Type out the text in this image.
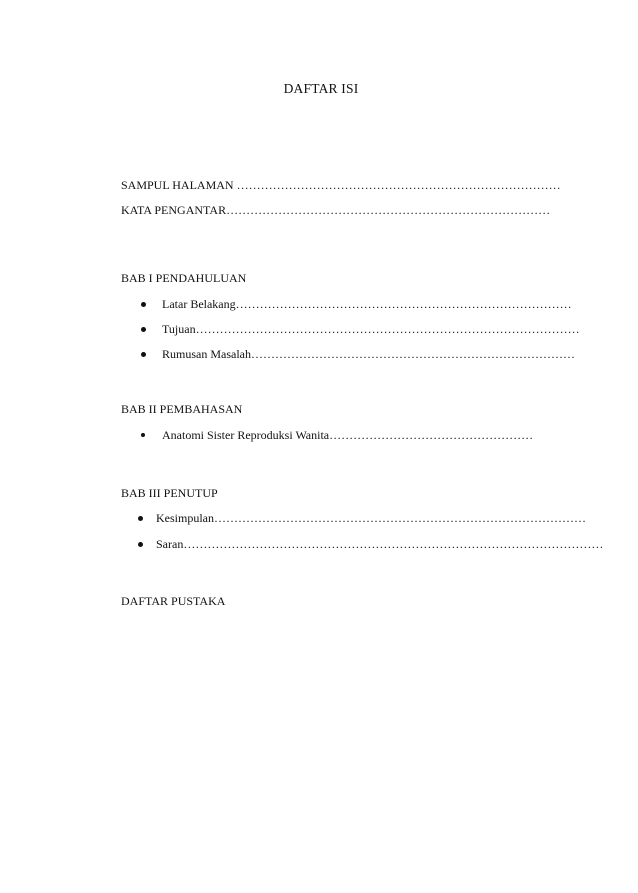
DAFTAR ISI
SAMPUL HALAMAN ………………………………………………………………………
KATA PENGANTAR………………………………………………………………………
BAB I PENDAHULUAN
Latar Belakang…………………………………………………………………………
Tujuan……………………………………………………………………………………
Rumusan Masalah………………………………………………………………………
BAB II PEMBAHASAN
Anatomi Sister Reproduksi Wanita……………………………………………
BAB III PENUTUP
Kesimpulan…………………………………………………………………………………
Saran……………………………………………………………………………………………
DAFTAR PUSTAKA
